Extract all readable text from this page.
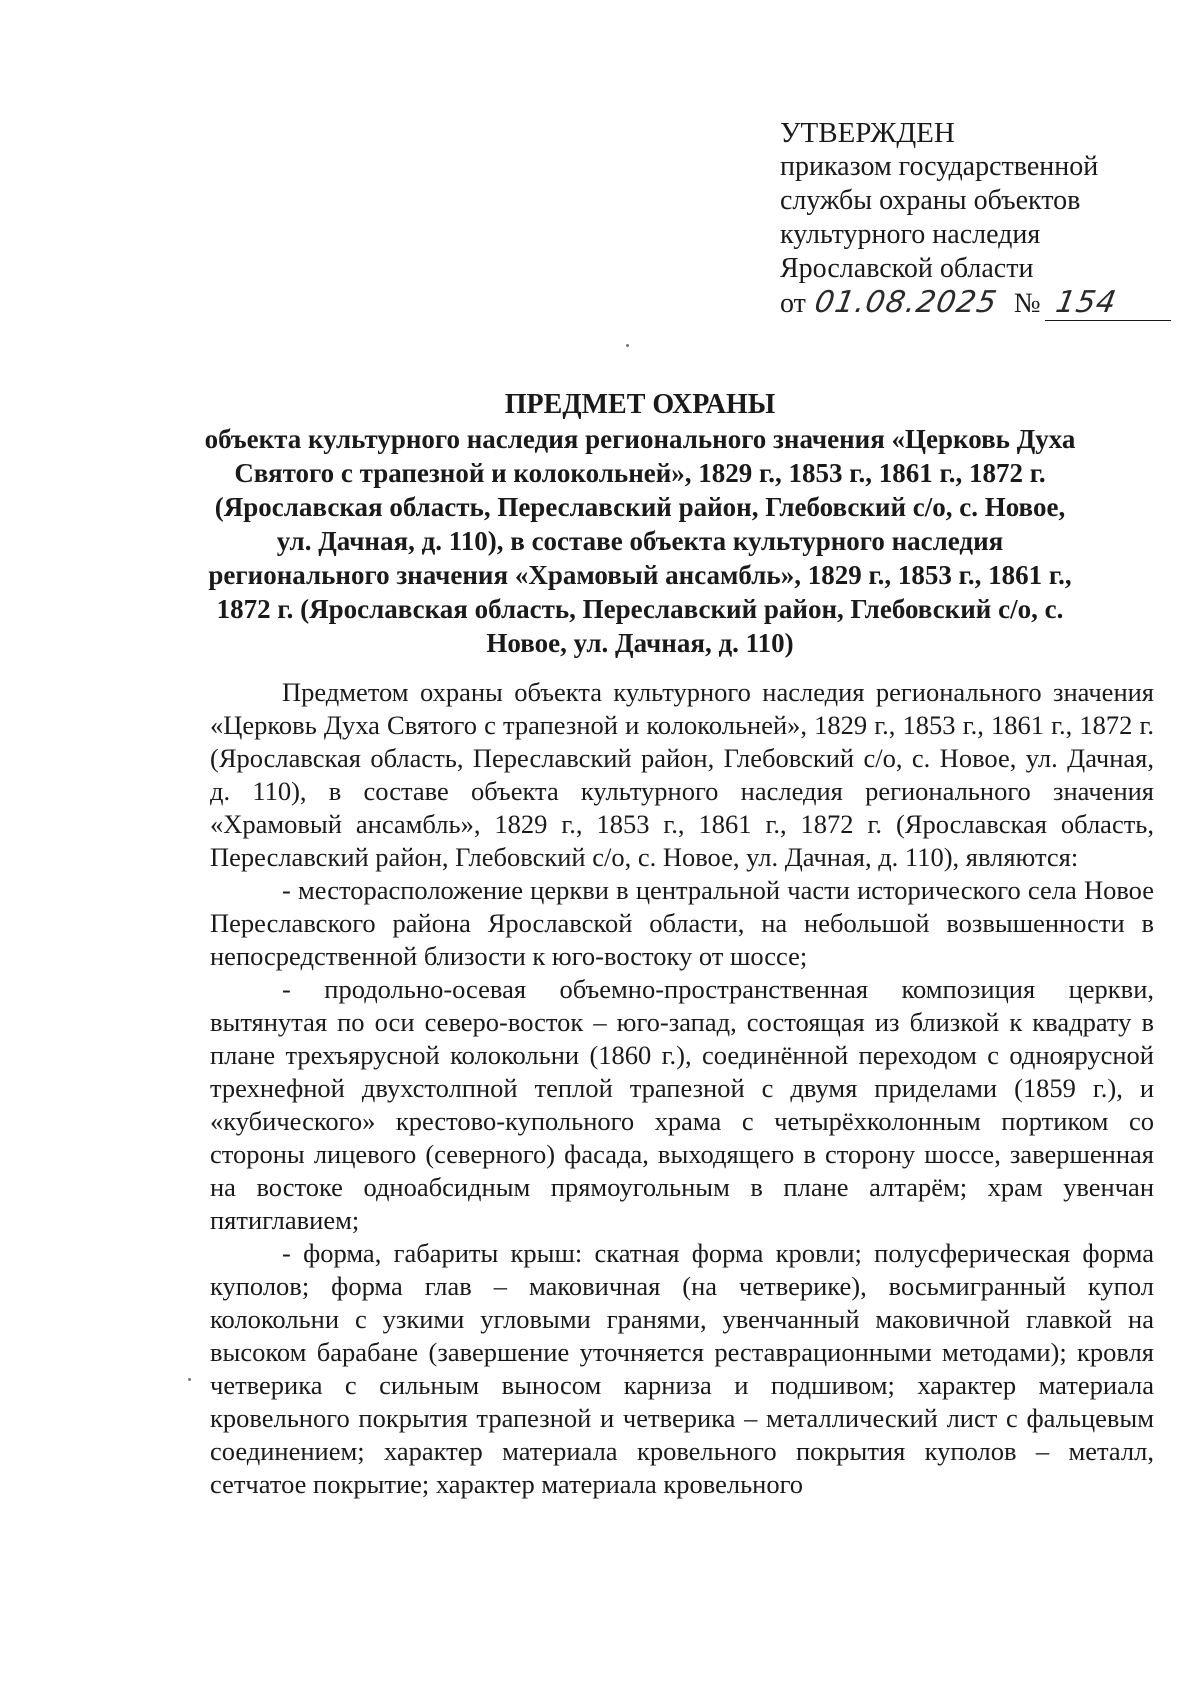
УТВЕРЖДЕН
приказом государственной
службы охраны объектов
культурного наследия
Ярославской области
от 01.08.2025 № 154
ПРЕДМЕТ ОХРАНЫ
объекта культурного наследия регионального значения «Церковь Духа Святого с трапезной и колокольней», 1829 г., 1853 г., 1861 г., 1872 г. (Ярославская область, Переславский район, Глебовский с/о, с. Новое, ул. Дачная, д. 110), в составе объекта культурного наследия регионального значения «Храмовый ансамбль», 1829 г., 1853 г., 1861 г., 1872 г. (Ярославская область, Переславский район, Глебовский с/о, с. Новое, ул. Дачная, д. 110)

Предметом охраны объекта культурного наследия регионального значения «Церковь Духа Святого с трапезной и колокольней», 1829 г., 1853 г., 1861 г., 1872 г. (Ярославская область, Переславский район, Глебовский с/о, с. Новое, ул. Дачная, д. 110), в составе объекта культурного наследия регионального значения «Храмовый ансамбль», 1829 г., 1853 г., 1861 г., 1872 г. (Ярославская область, Переславский район, Глебовский с/о, с. Новое, ул. Дачная, д. 110), являются:

- месторасположение церкви в центральной части исторического села Новое Переславского района Ярославской области, на небольшой возвышенности в непосредственной близости к юго-востоку от шоссе;

- продольно-осевая объемно-пространственная композиция церкви, вытянутая по оси северо-восток – юго-запад, состоящая из близкой к квадрату в плане трехъярусной колокольни (1860 г.), соединённой переходом с одноярусной трехнефной двухстолпной теплой трапезной с двумя приделами (1859 г.), и «кубического» крестово-купольного храма с четырёхколонным портиком со стороны лицевого (северного) фасада, выходящего в сторону шоссе, завершенная на востоке одноабсидным прямоугольным в плане алтарём; храм увенчан пятиглавием;

- форма, габариты крыш: скатная форма кровли; полусферическая форма куполов; форма глав – маковичная (на четверике), восьмигранный купол колокольни с узкими угловыми гранями, увенчанный маковичной главкой на высоком барабане (завершение уточняется реставрационными методами); кровля четверика с сильным выносом карниза и подшивом; характер материала кровельного покрытия трапезной и четверика – металлический лист с фальцевым соединением; характер материала кровельного покрытия куполов – металл, сетчатое покрытие; характер материала кровельного
